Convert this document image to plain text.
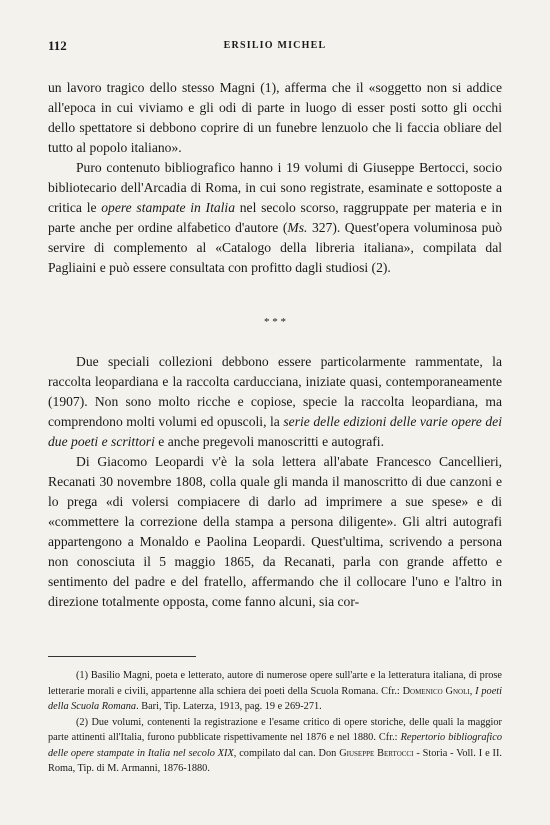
112	ERSILIO MICHEL

un lavoro tragico dello stesso Magni (1), afferma che il «soggetto non si addice all'epoca in cui viviamo e gli odi di parte in luogo di esser posti sotto gli occhi dello spettatore si debbono coprire di un funebre lenzuolo che li faccia obliare del tutto al popolo italiano».

Puro contenuto bibliografico hanno i 19 volumi di Giuseppe Bertocci, socio bibliotecario dell'Arcadia di Roma, in cui sono registrate, esaminate e sottoposte a critica le opere stampate in Italia nel secolo scorso, raggruppate per materia e in parte anche per ordine alfabetico d'autore (Ms. 327). Quest'opera voluminosa può servire di complemento al «Catalogo della libreria italiana», compilata dal Pagliaini e può essere consultata con profitto dagli studiosi (2).

* * *

Due speciali collezioni debbono essere particolarmente rammentate, la raccolta leopardiana e la raccolta carducciana, iniziate quasi, contemporaneamente (1907). Non sono molto ricche e copiose, specie la raccolta leopardiana, ma comprendono molti volumi ed opuscoli, la serie delle edizioni delle varie opere dei due poeti e scrittori e anche pregevoli manoscritti e autografi.

Di Giacomo Leopardi v'è la sola lettera all'abate Francesco Cancellieri, Recanati 30 novembre 1808, colla quale gli manda il manoscritto di due canzoni e lo prega «di volersi compiacere di darlo ad imprimere a sue spese» e di «commettere la correzione della stampa a persona diligente». Gli altri autografi appartengono a Monaldo e Paolina Leopardi. Quest'ultima, scrivendo a persona non conosciuta il 5 maggio 1865, da Recanati, parla con grande affetto e sentimento del padre e del fratello, affermando che il collocare l'uno e l'altro in direzione totalmente opposta, come fanno alcuni, sia cor-

(1) Basilio Magni, poeta e letterato, autore di numerose opere sull'arte e la letteratura italiana, di prose letterarie morali e civili, appartenne alla schiera dei poeti della Scuola Romana. Cfr.: Domenico Gnoli, I poeti della Scuola Romana. Bari, Tip. Laterza, 1913, pag. 19 e 269-271.

(2) Due volumi, contenenti la registrazione e l'esame critico di opere storiche, delle quali la maggior parte attinenti all'Italia, furono pubblicate rispettivamente nel 1876 e nel 1880. Cfr.: Repertorio bibliografico delle opere stampate in Italia nel secolo XIX, compilato dal can. Don Giuseppe Bertocci - Storia - Voll. I e II. Roma, Tip. di M. Armanni, 1876-1880.
